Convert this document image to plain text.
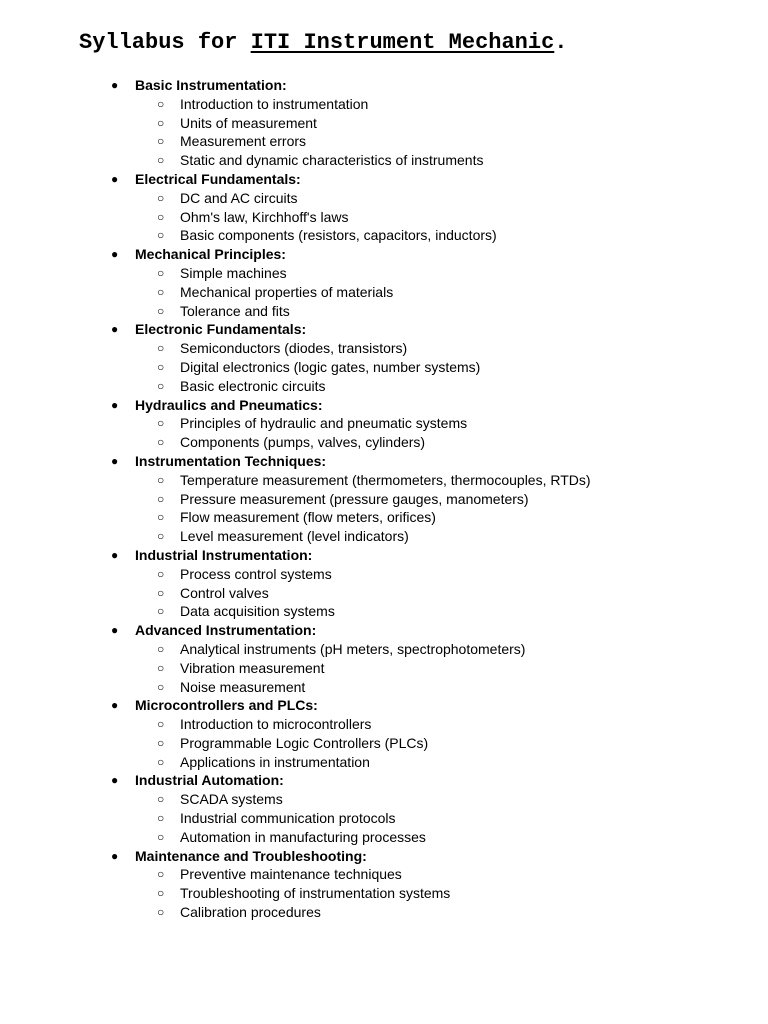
Syllabus for ITI Instrument Mechanic.
● Basic Instrumentation:
○ Introduction to instrumentation
○ Units of measurement
○ Measurement errors
○ Static and dynamic characteristics of instruments
● Electrical Fundamentals:
○ DC and AC circuits
○ Ohm's law, Kirchhoff's laws
○ Basic components (resistors, capacitors, inductors)
● Mechanical Principles:
○ Simple machines
○ Mechanical properties of materials
○ Tolerance and fits
● Electronic Fundamentals:
○ Semiconductors (diodes, transistors)
○ Digital electronics (logic gates, number systems)
○ Basic electronic circuits
● Hydraulics and Pneumatics:
○ Principles of hydraulic and pneumatic systems
○ Components (pumps, valves, cylinders)
● Instrumentation Techniques:
○ Temperature measurement (thermometers, thermocouples, RTDs)
○ Pressure measurement (pressure gauges, manometers)
○ Flow measurement (flow meters, orifices)
○ Level measurement (level indicators)
● Industrial Instrumentation:
○ Process control systems
○ Control valves
○ Data acquisition systems
● Advanced Instrumentation:
○ Analytical instruments (pH meters, spectrophotometers)
○ Vibration measurement
○ Noise measurement
● Microcontrollers and PLCs:
○ Introduction to microcontrollers
○ Programmable Logic Controllers (PLCs)
○ Applications in instrumentation
● Industrial Automation:
○ SCADA systems
○ Industrial communication protocols
○ Automation in manufacturing processes
● Maintenance and Troubleshooting:
○ Preventive maintenance techniques
○ Troubleshooting of instrumentation systems
○ Calibration procedures
